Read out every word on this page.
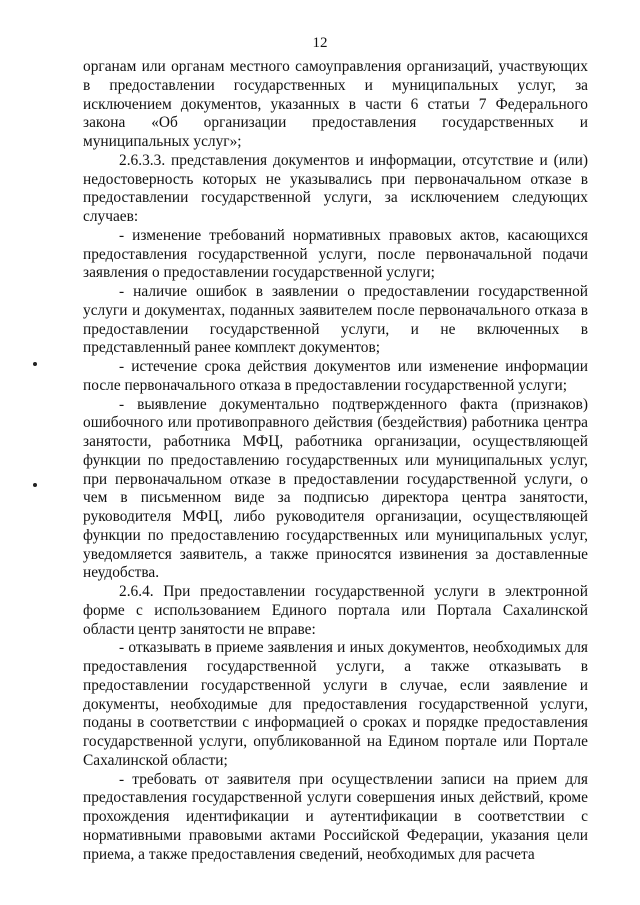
12

органам или органам местного самоуправления организаций, участвующих в предоставлении государственных и муниципальных услуг, за исключением документов, указанных в части 6 статьи 7 Федерального закона «Об организации предоставления государственных и муниципальных услуг»;

2.6.3.3. представления документов и информации, отсутствие и (или) недостоверность которых не указывались при первоначальном отказе в предоставлении государственной услуги, за исключением следующих случаев:

- изменение требований нормативных правовых актов, касающихся предоставления государственной услуги, после первоначальной подачи заявления о предоставлении государственной услуги;

- наличие ошибок в заявлении о предоставлении государственной услуги и документах, поданных заявителем после первоначального отказа в предоставлении государственной услуги, и не включенных в представленный ранее комплект документов;

- истечение срока действия документов или изменение информации после первоначального отказа в предоставлении государственной услуги;

- выявление документально подтвержденного факта (признаков) ошибочного или противоправного действия (бездействия) работника центра занятости, работника МФЦ, работника организации, осуществляющей функции по предоставлению государственных или муниципальных услуг, при первоначальном отказе в предоставлении государственной услуги, о чем в письменном виде за подписью директора центра занятости, руководителя МФЦ, либо руководителя организации, осуществляющей функции по предоставлению государственных или муниципальных услуг, уведомляется заявитель, а также приносятся извинения за доставленные неудобства.

2.6.4. При предоставлении государственной услуги в электронной форме с использованием Единого портала или Портала Сахалинской области центр занятости не вправе:

- отказывать в приеме заявления и иных документов, необходимых для предоставления государственной услуги, а также отказывать в предоставлении государственной услуги в случае, если заявление и документы, необходимые для предоставления государственной услуги, поданы в соответствии с информацией о сроках и порядке предоставления государственной услуги, опубликованной на Едином портале или Портале Сахалинской области;

- требовать от заявителя при осуществлении записи на прием для предоставления государственной услуги совершения иных действий, кроме прохождения идентификации и аутентификации в соответствии с нормативными правовыми актами Российской Федерации, указания цели приема, а также предоставления сведений, необходимых для расчета
